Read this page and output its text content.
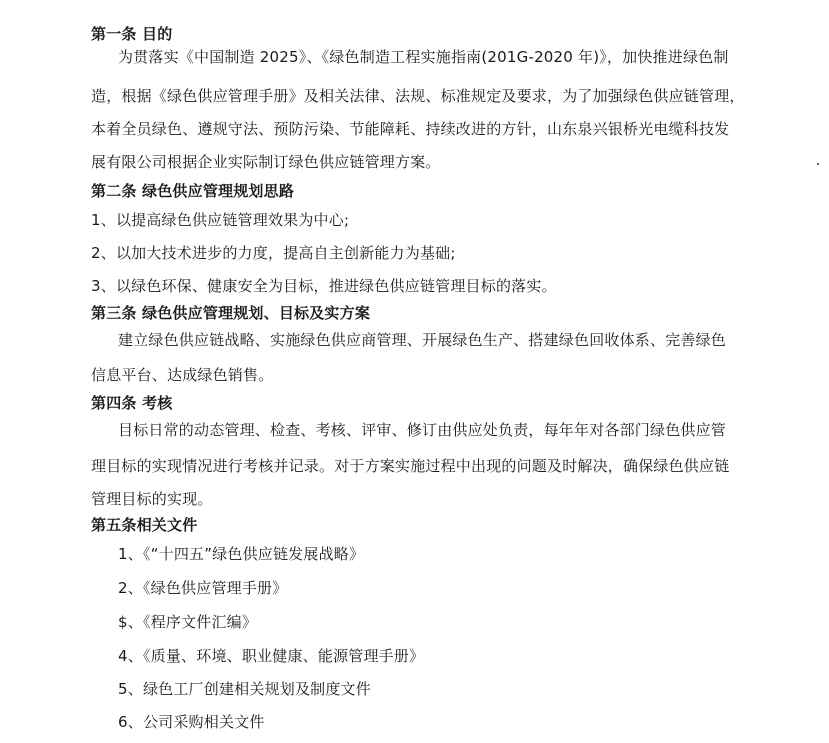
第一条 目的
为贯落实《中国制造 2025》、《绿色制造工程实施指南(201G-2020 年)》，加快推进绿色制
造，根据《绿色供应管理手册》及相关法律、法规、标准规定及要求，为了加强绿色供应链管理，
本着全员绿色、遵规守法、预防污染、节能障耗、持续改进的方针，山东泉兴银桥光电缆科技发
展有限公司根据企业实际制订绿色供应链管理方案。
第二条 绿色供应管理规划思路
1、以提高绿色供应链管理效果为中心;
2、以加大技术进步的力度，提高自主创新能力为基础;
3、以绿色环保、健康安全为目标，推进绿色供应链管理目标的落实。
第三条 绿色供应管理规划、目标及实方案
建立绿色供应链战略、实施绿色供应商管理、开展绿色生产、搭建绿色回收体系、完善绿色
信息平台、达成绿色销售。
第四条 考核
目标日常的动态管理、检查、考核、评审、修订由供应处负责，每年年对各部门绿色供应管
理目标的实现情况进行考核并记录。对于方案实施过程中出现的问题及时解决，确保绿色供应链
管理目标的实现。
第五条相关文件
1、《“十四五”绿色供应链发展战略》
2、《绿色供应管理手册》
$、《程序文件汇编》
4、《质量、环境、职业健康、能源管理手册》
5、绿色工厂创建相关规划及制度文件
6、公司采购相关文件
